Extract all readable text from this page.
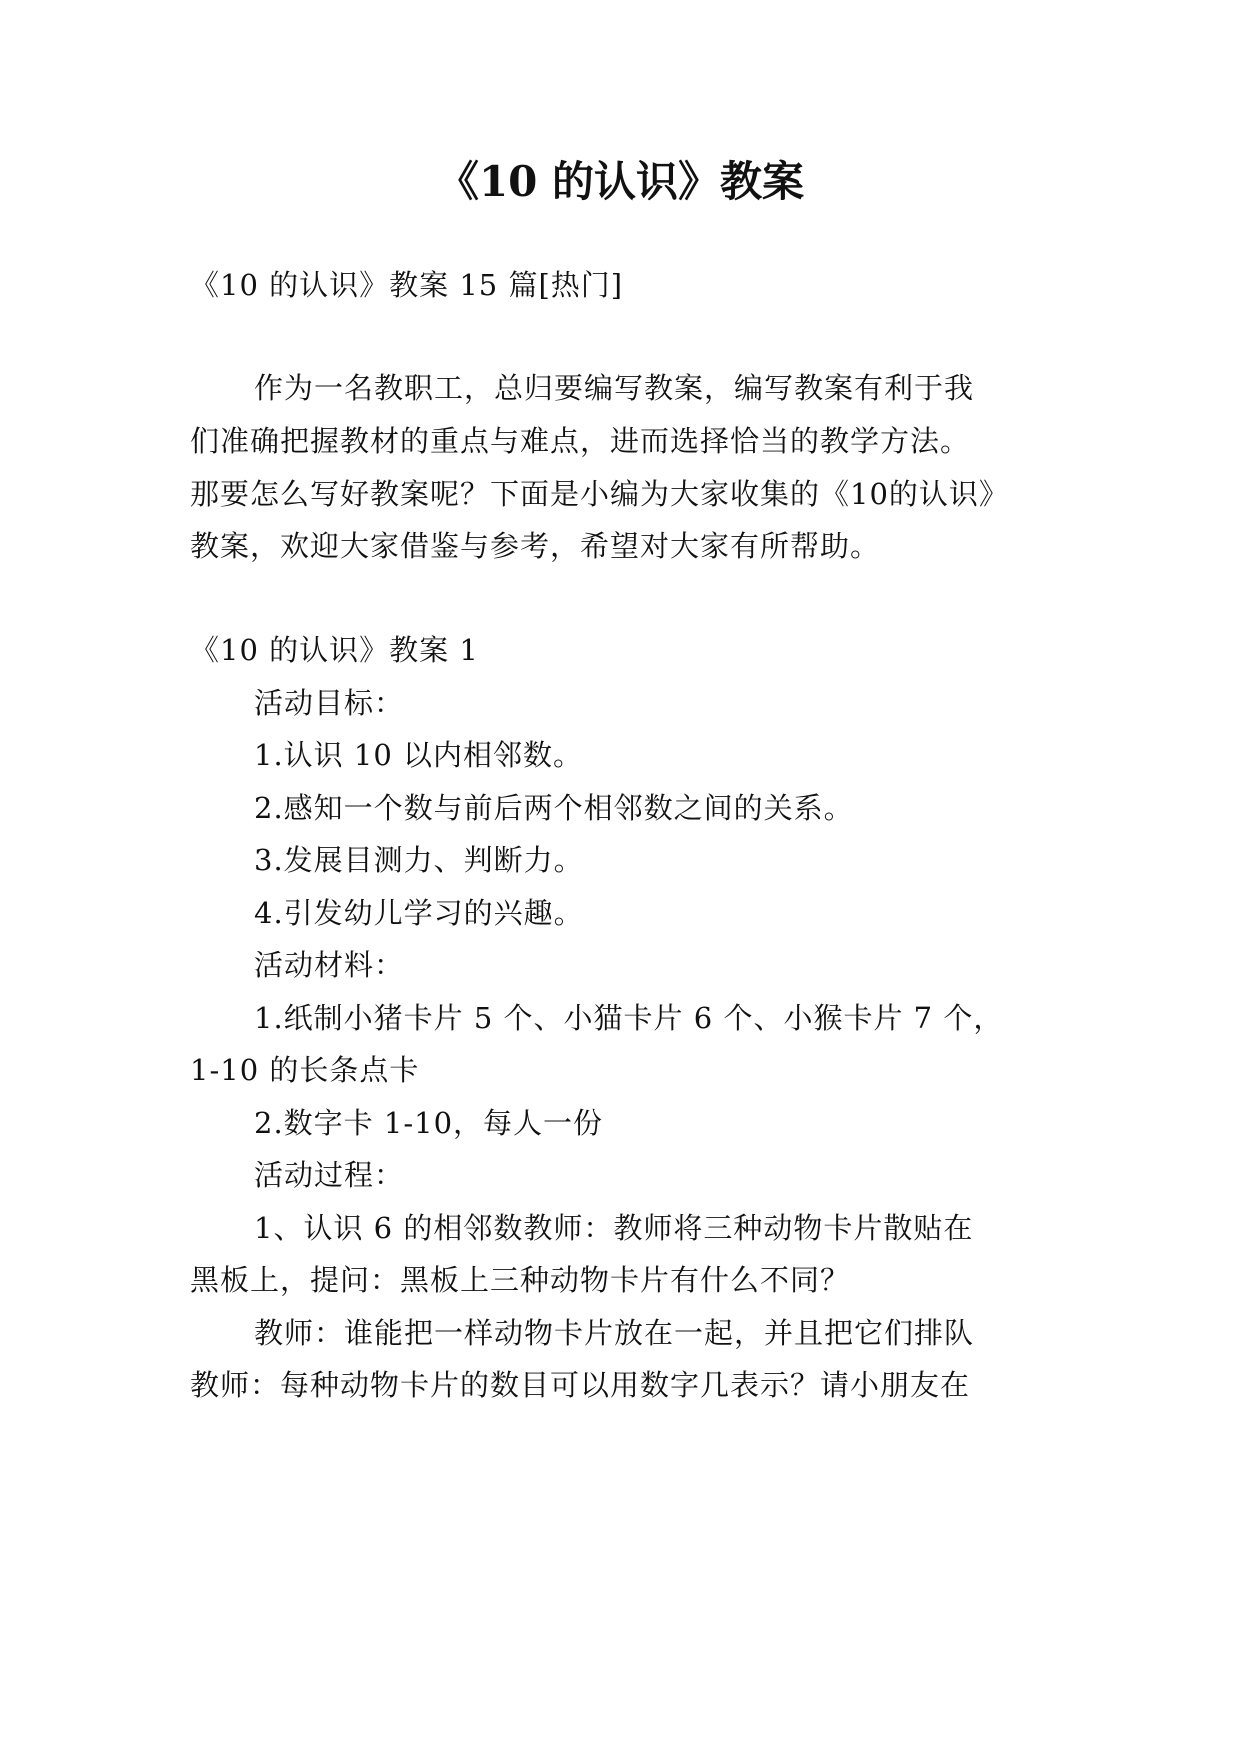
《10 的认识》教案
《10 的认识》教案 15 篇[热门]
作为一名教职工，总归要编写教案，编写教案有利于我
们准确把握教材的重点与难点，进而选择恰当的教学方法。
那要怎么写好教案呢？下面是小编为大家收集的《10的认识》
教案，欢迎大家借鉴与参考，希望对大家有所帮助。
《10 的认识》教案 1
活动目标：
1.认识 10 以内相邻数。
2.感知一个数与前后两个相邻数之间的关系。
3.发展目测力、判断力。
4.引发幼儿学习的兴趣。
活动材料：
1.纸制小猪卡片 5 个、小猫卡片 6 个、小猴卡片 7 个，
1-10 的长条点卡
2.数字卡 1-10，每人一份
活动过程：
1、认识 6 的相邻数教师：教师将三种动物卡片散贴在
黑板上，提问：黑板上三种动物卡片有什么不同？
教师：谁能把一样动物卡片放在一起，并且把它们排队
教师：每种动物卡片的数目可以用数字几表示？请小朋友在
